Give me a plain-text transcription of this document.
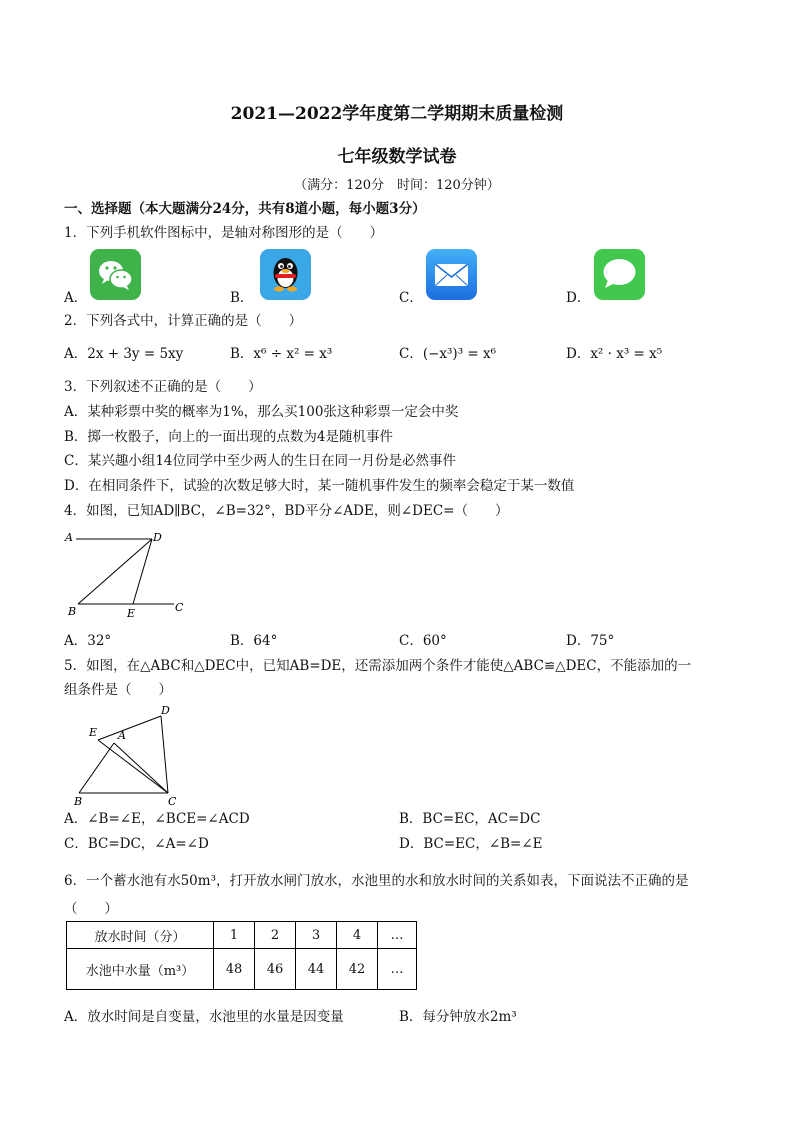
2021—2022学年度第二学期期末质量检测
七年级数学试卷
（满分：120分　时间：120分钟）
一、选择题（本大题满分24分，共有8道小题，每小题3分）
1．下列手机软件图标中，是轴对称图形的是（　　）
A．	B．	C．	D．
2．下列各式中，计算正确的是（　　）
A．2x + 3y = 5xy	B．x⁶ ÷ x² = x³	C．(−x³)³ = x⁶	D．x² · x³ = x⁵
3．下列叙述不正确的是（　　）
A．某种彩票中奖的概率为1%，那么买100张这种彩票一定会中奖
B．掷一枚骰子，向上的一面出现的点数为4是随机事件
C．某兴趣小组14位同学中至少两人的生日在同一月份是必然事件
D．在相同条件下，试验的次数足够大时，某一随机事件发生的频率会稳定于某一数值
4．如图，已知AD∥BC，∠B=32°，BD平分∠ADE，则∠DEC=（　　）
A	D
B	E	C
A．32°	B．64°	C．60°	D．75°
5．如图，在△ABC和△DEC中，已知AB=DE，还需添加两个条件才能使△ABC≌△DEC，不能添加的一
组条件是（　　）
E A
D
B	C
A．∠B=∠E，∠BCE=∠ACD	B．BC=EC，AC=DC
C．BC=DC，∠A=∠D	D．BC=EC，∠B=∠E
6．一个蓄水池有水50m³，打开放水闸门放水，水池里的水和放水时间的关系如表，下面说法不正确的是
（　　）
放水时间（分）	1	2	3	4	…
水池中水量（m³）	48	46	44	42	…
A．放水时间是自变量，水池里的水量是因变量	B．每分钟放水2m³
